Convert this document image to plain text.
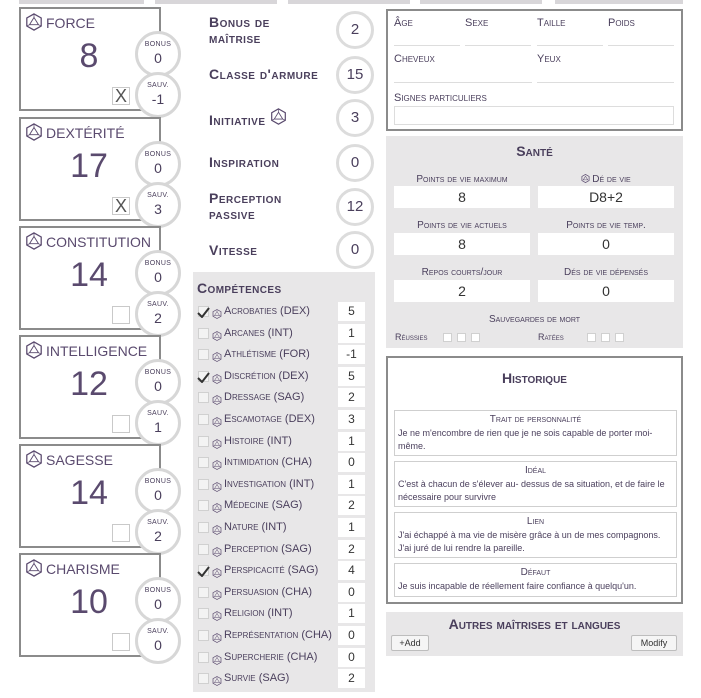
FORCE
8
X
BONUS
0
SAUV.
-1
DEXTÉRITÉ
17
X
BONUS
0
SAUV.
3
CONSTITUTION
14	BONUS
0
SAUV.
2
INTELLIGENCE
12	BONUS
0
SAUV.
1
SAGESSE
14	BONUS
0
SAUV.
2
CHARISME
10	BONUS
0
SAUV.
0
Bonus de maîtrise	2
Classe d'armure	15
Initiative	3
Inspiration	0
Perception passive	12
Vitesse	0
Compétences
Acrobaties (DEX)	5
Arcanes (INT)	1
Athlétisme (FOR)	-1
Discrétion (DEX)	5
Dressage (SAG)	2
Escamotage (DEX)	3
Histoire (INT)	1
Intimidation (CHA)	0
Investigation (INT)	1
Médecine (SAG)	2
Nature (INT)	1
Perception (SAG)	2
Perspicacité (SAG)	4
Persuasion (CHA)	0
Religion (INT)	1
Représentation (CHA)	0
Supercherie (CHA)	0
Survie (SAG)	2
Âge	Sexe	Taille	Poids
Cheveux	Yeux
Signes particuliers
Santé
Points de vie maximum	Dé de vie
8	D8+2
Points de vie actuels	Points de vie temp.
8	0
Repos courts/jour	Dés de vie dépensés
2	0
Sauvegardes de mort
Réussies	Ratées
Historique
Trait de personnalité
Je ne m'encombre de rien que je ne sois capable de porter moi-même.
Idéal
C'est à chacun de s'élever au- dessus de sa situation, et de faire le nécessaire pour survivre
Lien
J'ai échappé à ma vie de misère grâce à un de mes compagnons. J'ai juré de lui rendre la pareille.
Défaut
Je suis incapable de réellement faire confiance à quelqu'un.
Autres maîtrises et langues
+Add	Modify
